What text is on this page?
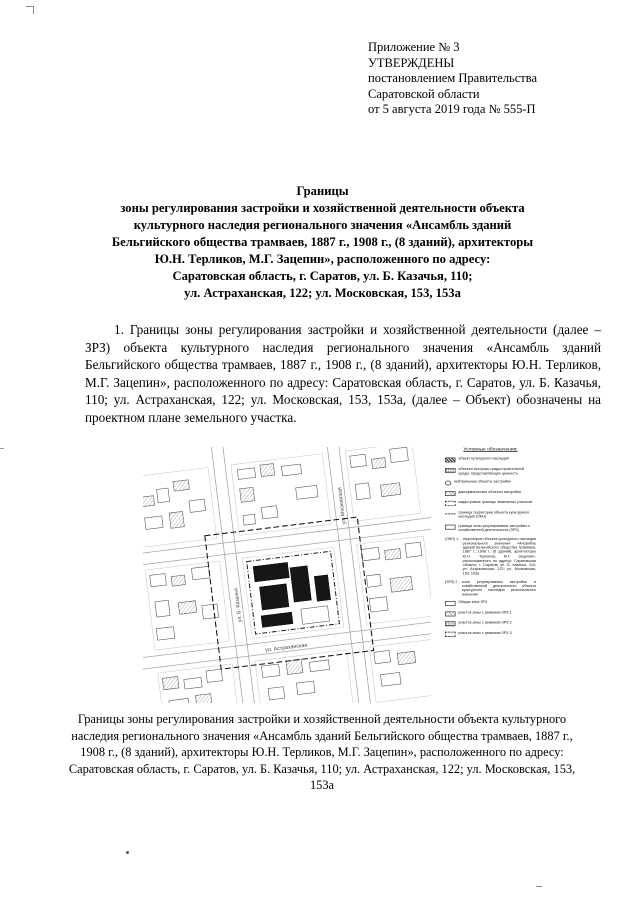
Приложение № 3
УТВЕРЖДЕНЫ
постановлением Правительства
Саратовской области
от 5 августа 2019 года № 555-П
Границы
зоны регулирования застройки и хозяйственной деятельности объекта
культурного наследия регионального значения «Ансамбль зданий
Бельгийского общества трамваев, 1887 г., 1908 г., (8 зданий), архитекторы
Ю.Н. Терликов, М.Г. Зацепин», расположенного по адресу:
Саратовская область, г. Саратов, ул. Б. Казачья, 110;
ул. Астраханская, 122; ул. Московская, 153, 153а

1. Границы зоны регулирования застройки и хозяйственной деятельности (далее – ЗРЗ) объекта культурного наследия регионального значения «Ансамбль зданий Бельгийского общества трамваев, 1887 г., 1908 г., (8 зданий), архитекторы Ю.Н. Терликов, М.Г. Зацепин», расположенного по адресу: Саратовская область, г. Саратов, ул. Б. Казачья, 110; ул. Астраханская, 122; ул. Московская, 153, 153а, (далее – Объект) обозначены на проектном плане земельного участка.

ул. Б. Казачья
ул. Московская
ул. Астраханская
Условные обозначения:
объект культурного наследия
объекты историко-градостроительной среды, представляющие ценность
нейтральные объекты застройки
дисгармоничные объекты застройки
кадастровые границы земельных участков
граница территории объекта культурного наследия (ОКН)
граница зоны регулирования застройки и хозяйственной деятельности (ЗРЗ)
(ОКН) 1 - территория объекта культурного наследия регионального значения «Ансамбль зданий Бельгийского общества трамваев, 1887 г., 1908 г., (8 зданий), архитекторы Ю.Н. Терликов, М.Г. Зацепин», расположенного по адресу: Саратовская область, г. Саратов, ул. Б. Казачья, 110; ул. Астраханская, 122; ул. Московская, 153, 153а
(ЗРЗ) 2 - зона регулирования застройки и хозяйственной деятельности объекта культурного наследия регионального значения
Общая зона ЗРЗ
участок зоны с режимом ЗРЗ-1
участок зоны с режимом ЗРЗ-2
участок зоны с режимом ЗРЗ-3

Границы зоны регулирования застройки и хозяйственной деятельности объекта культурного наследия регионального значения «Ансамбль зданий Бельгийского общества трамваев, 1887 г., 1908 г., (8 зданий), архитекторы Ю.Н. Терликов, М.Г. Зацепин», расположенного по адресу: Саратовская область, г. Саратов, ул. Б. Казачья, 110; ул. Астраханская, 122; ул. Московская, 153, 153а
